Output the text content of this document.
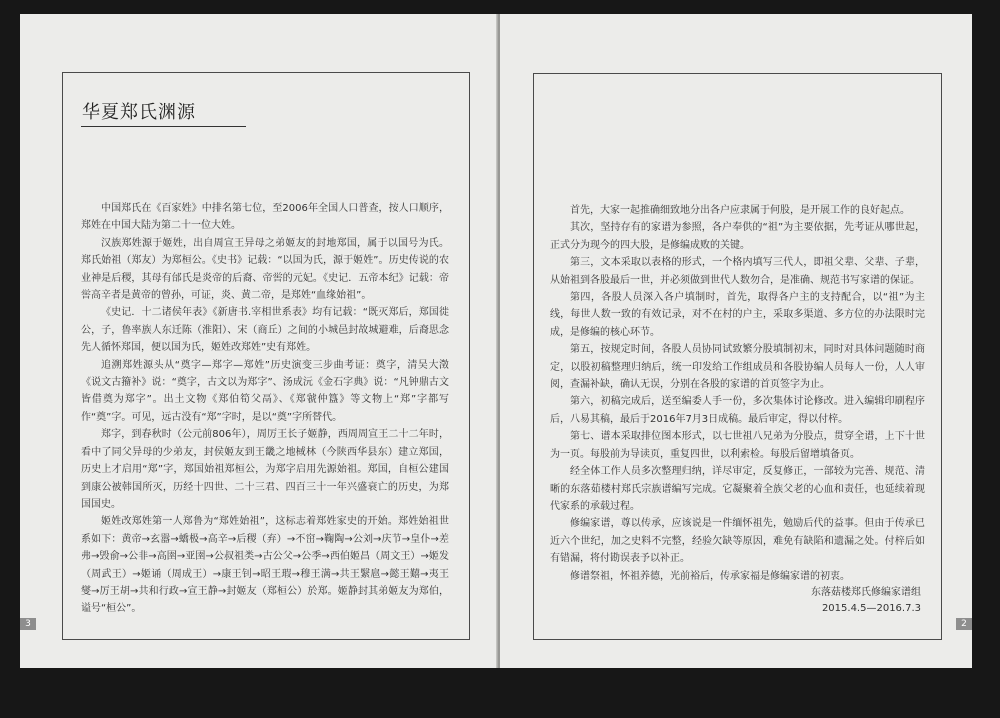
华夏郑氏渊源

中国郑氏在《百家姓》中排名第七位，至2006年全国人口普查，按人口顺序，郑姓在中国大陆为第二十一位大姓。

汉族郑姓源于姬姓，出自周宣王异母之弟姬友的封地郑国，属于以国号为氏。郑氏始祖（郑友）为郑桓公。《史书》记载：“以国为氏，源于姬姓”。历史传说的农业神是后稷，其母有邰氏是炎帝的后裔、帝喾的元妃。《史记．五帝本纪》记载：帝喾高辛者是黄帝的曾孙，可证，炎、黄二帝，是郑姓“血缘始祖”。

《史记．十二诸侯年表》《新唐书.宰相世系表》均有记载：“既灭郑后，郑国徙公，子，鲁率族人东迁陈（淮阳）、宋（商丘）之间的小城邑封故城避难，后裔思念先人循怀郑国，便以国为氏，姬姓改郑姓”史有郑姓。

追溯郑姓源头从“奠字—郑字—郑姓”历史演变三步曲考证：奠字，清吴大澂《说文古籀补》说：“奠字，古文以为郑字”、汤成沅《金石字典》说：“凡钟鼎古文皆借奠为郑字”。出土文物《郑伯筍父鬲》、《郑虢仲簋》等文物上“郑”字都写作“奠”字。可见，远古没有“郑”字时，是以“奠”字所替代。

郑字，到春秋时（公元前806年），周厉王长子姬静，西周周宣王二十二年时，看中了同父异母的少弟友，封侯姬友到王畿之地棫林（今陕西华县东）建立郑国，历史上才启用“郑”字，郑国始祖郑桓公，为郑字启用先源始祖。郑国，自桓公建国到康公被韩国所灭，历经十四世、二十三君、四百三十一年兴盛衰亡的历史，为郑国国史。

姬姓改郑姓第一人郑鲁为“郑姓始祖”，这标志着郑姓家史的开始。郑姓始祖世系如下：黄帝→玄嚣→蟜极→高辛→后稷（弃）→不窋→鞠陶→公刘→庆节→皇仆→差弗→毁俞→公非→高圉→亚圉→公叔祖类→古公父→公季→西伯姬昌（周文王）→姬发（周武王）→姬诵（周成王）→康王钊→昭王瑕→穆王满→共王繄扈→懿王囏→夷王燮→厉王胡→共和行政→宣王静→封姬友（郑桓公）於郑。姬静封其弟姬友为郑伯，谥号“桓公”。

3

首先，大家一起推确细致地分出各户应隶属于何股，是开展工作的良好起点。

其次，坚持存有的家谱为参照，各户奉供的“祖”为主要依据，先考证从哪世起，正式分为现今的四大股，是修编成败的关键。

第三，文本采取以表格的形式，一个格内填写三代人，即祖父辈、父辈、子辈，从始祖到各股最后一世，并必须做到世代人数勿合，是准确、规范书写家谱的保证。

第四，各股人员深入各户填制时，首先，取得各户主的支持配合，以“祖”为主线，每世人数一致的有效记录，对不在村的户主，采取多渠道、多方位的办法限时完成，是修编的核心环节。

第五，按规定时间，各股人员协同试致繁分股填制初末，同时对具体问题随时商定，以股初稿整理归纳后，统一印发给工作组成员和各股协编人员每人一份，人人审阅，查漏补缺，确认无误，分别在各股的家谱的首页签字为止。

第六，初稿完成后，送至编委人手一份，多次集体讨论修改。进入编辑印刷程序后，八易其稿，最后于2016年7月3日成稿。最后审定，得以付梓。

第七、谱本采取排位图本形式，以七世祖八兄弟为分股点，贯穿全谱，上下十世为一页。每股前为导读页，重复四世，以利索检。每股后留增填备页。

经全体工作人员多次整理归纳，详尽审定，反复修正，一部较为完善、规范、清晰的东落茹楼村郑氏宗族谱编写完成。它凝聚着全族父老的心血和责任，也延续着现代家系的承载过程。

修编家谱，尊以传承，应该说是一件缅怀祖先，勉励后代的益事。但由于传承已近六个世纪，加之史料不完整，经验欠缺等原因，难免有缺陷和遗漏之处。付梓后如有错漏，将付勘误表予以补正。

修谱祭祖，怀祖养德，光前裕后，传承家福是修编家谱的初衷。

东落菇楼郑氏修编家谱组

2015.4.5—2016.7.3

2
